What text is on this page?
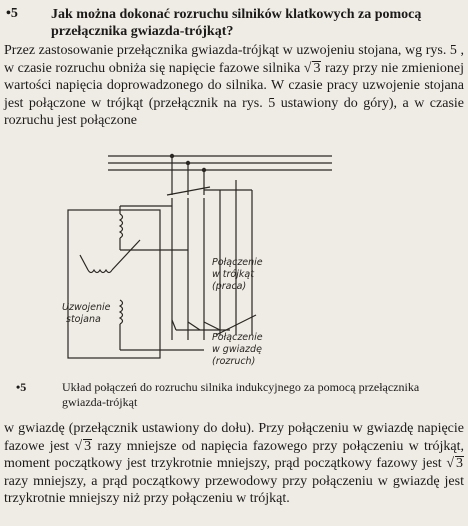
•5 Jak można dokonać rozruchu silników klatkowych za pomocą przełącznika gwiazda-trójkąt?
Przez zastosowanie przełącznika gwiazda-trójkąt w uzwojeniu stojana, wg rys. 5 , w czasie rozruchu obniża się napięcie fazowe silnika √ 3 razy przy nie zmienionej wartości napięcia doprowadzonego do silnika. W czasie pracy uzwojenie stojana jest połączone w trójkąt (przełącznik na rys. 5 ustawiony do góry), a w czasie rozruchu jest połączone
Uzwojenie
stojana
Połączenie
w trójkąt
(praca)
Połączenie
w gwiazdę
(rozruch)
•5	Układ połączeń do rozruchu silnika indukcyjnego za pomocą przełącznika gwiazda-trójkąt
w gwiazdę (przełącznik ustawiony do dołu). Przy połączeniu w gwiazdę napięcie fazowe jest √ 3 razy mniejsze od napięcia fazowego przy połączeniu w trójkąt, moment początkowy jest trzykrotnie mniejszy, prąd początkowy fazowy jest √ 3 razy mniejszy, a prąd początkowy przewodowy przy połączeniu w gwiazdę jest trzykrotnie mniejszy niż przy połączeniu w trójkąt.
